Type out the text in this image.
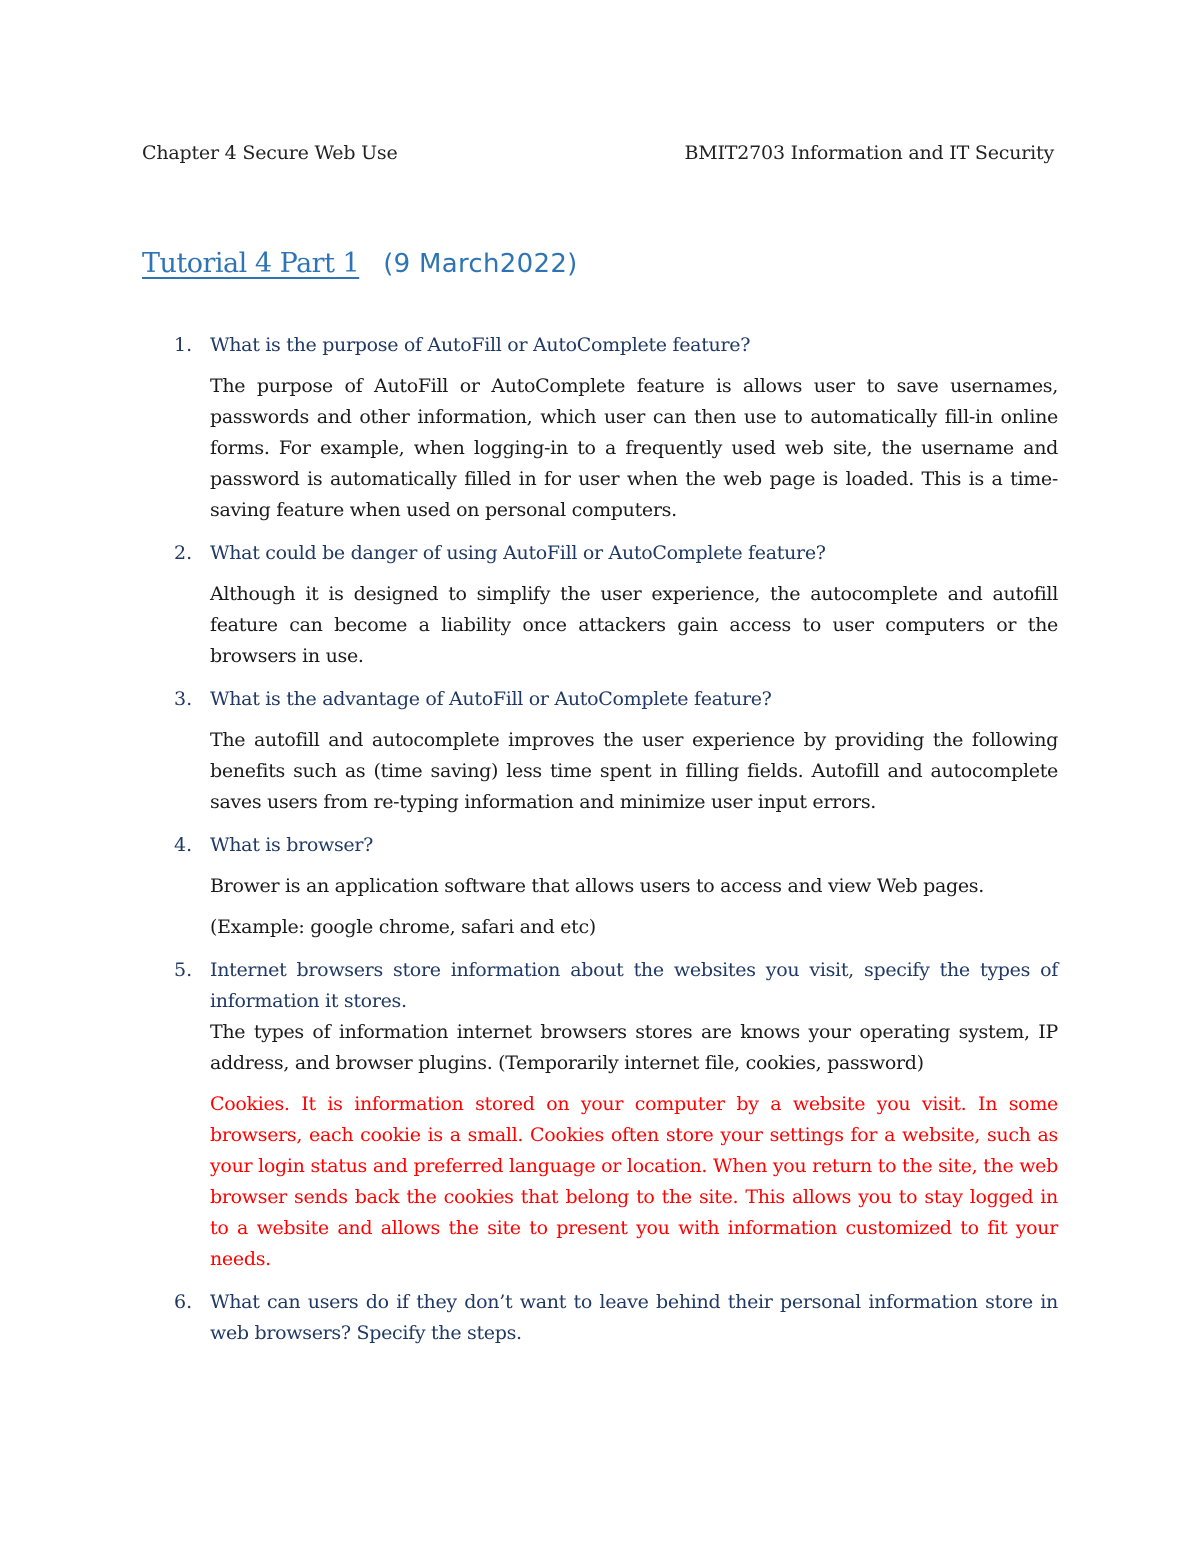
Chapter 4 Secure Web Use	BMIT2703 Information and IT Security
Tutorial 4 Part 1 (9 March2022)
1. What is the purpose of AutoFill or AutoComplete feature?

The purpose of AutoFill or AutoComplete feature is allows user to save usernames, passwords and other information, which user can then use to automatically fill-in online forms. For example, when logging-in to a frequently used web site, the username and password is automatically filled in for user when the web page is loaded. This is a time-saving feature when used on personal computers.

2. What could be danger of using AutoFill or AutoComplete feature?

Although it is designed to simplify the user experience, the autocomplete and autofill feature can become a liability once attackers gain access to user computers or the browsers in use.

3. What is the advantage of AutoFill or AutoComplete feature?

The autofill and autocomplete improves the user experience by providing the following benefits such as (time saving) less time spent in filling fields. Autofill and autocomplete saves users from re-typing information and minimize user input errors.

4. What is browser?

Brower is an application software that allows users to access and view Web pages.

(Example: google chrome, safari and etc)

5. Internet browsers store information about the websites you visit, specify the types of information it stores.

The types of information internet browsers stores are knows your operating system, IP address, and browser plugins. (Temporarily internet file, cookies, password)

Cookies. It is information stored on your computer by a website you visit. In some browsers, each cookie is a small. Cookies often store your settings for a website, such as your login status and preferred language or location. When you return to the site, the web browser sends back the cookies that belong to the site. This allows you to stay logged in to a website and allows the site to present you with information customized to fit your needs.

6. What can users do if they don’t want to leave behind their personal information store in web browsers? Specify the steps.
